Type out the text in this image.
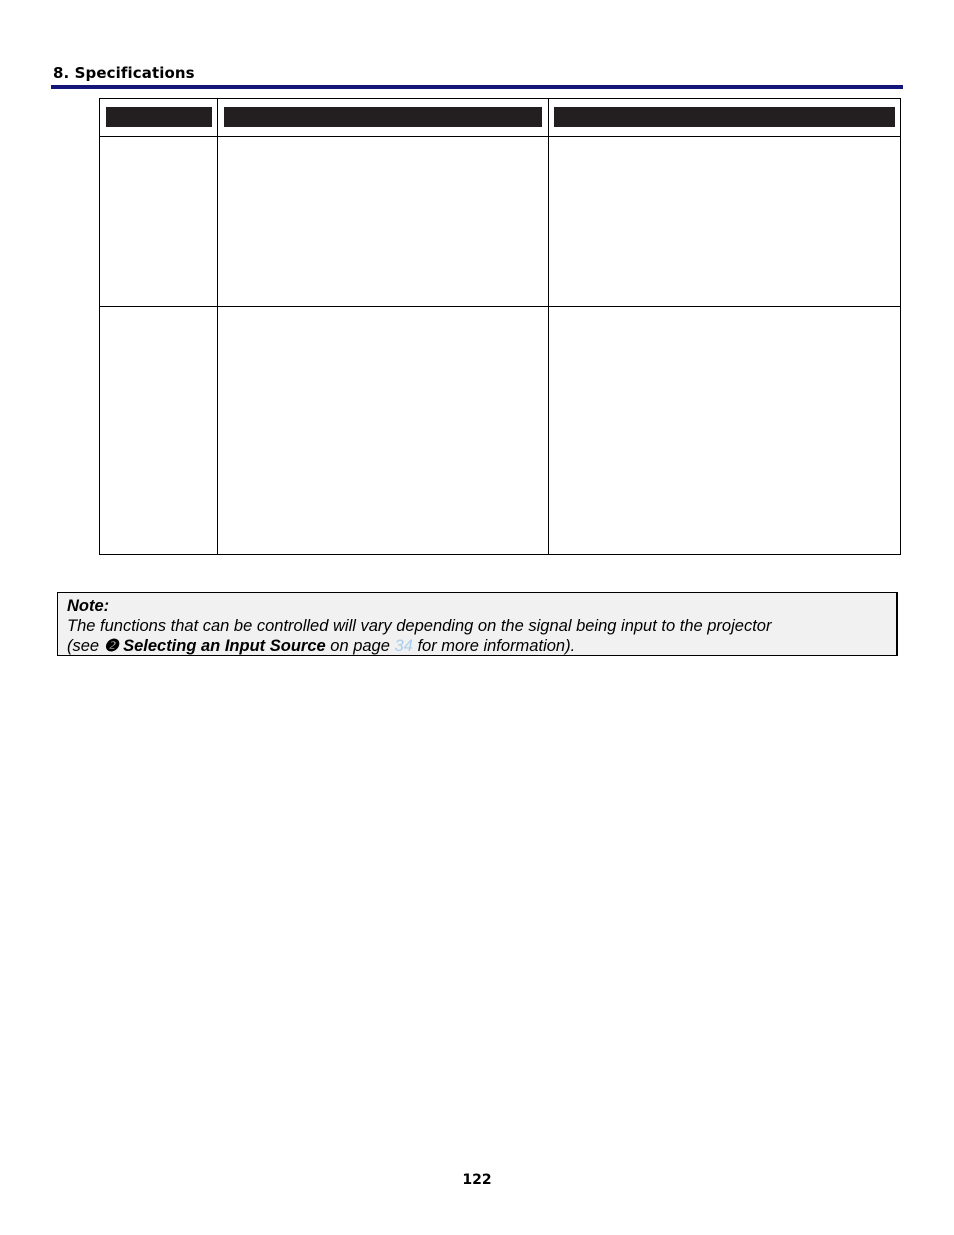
8. Specifications
Note:
The functions that can be controlled will vary depending on the signal being input to the projector
(see ❷ Selecting an Input Source on page 34 for more information).
122
